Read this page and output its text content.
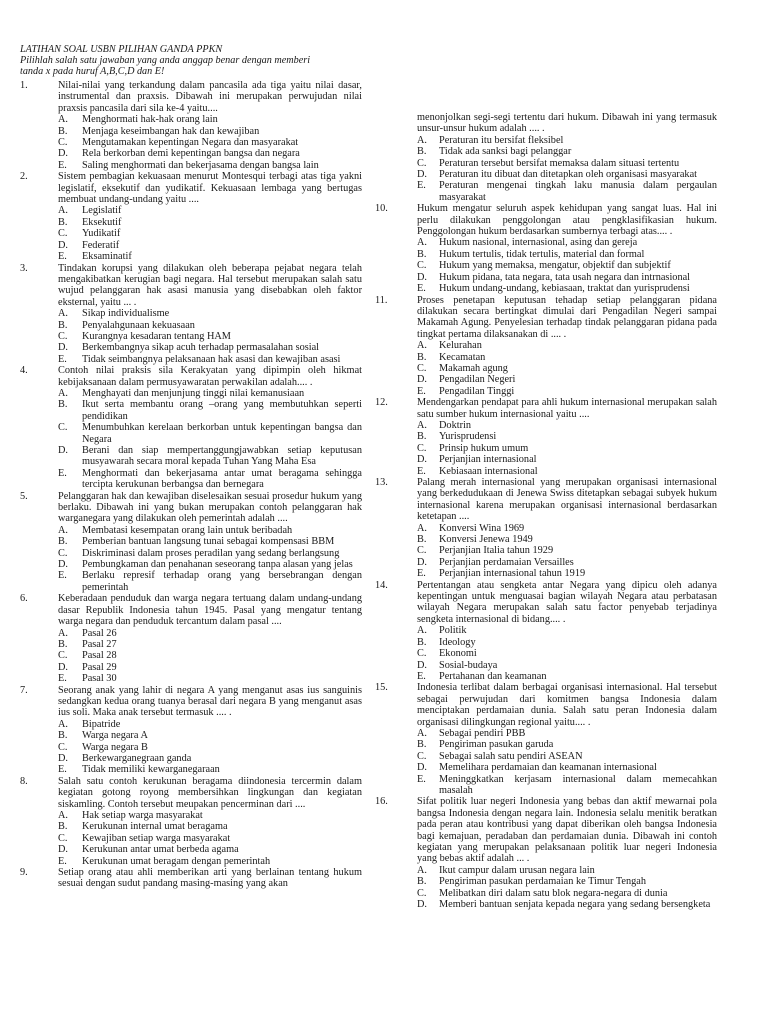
LATIHAN SOAL USBN PILIHAN GANDA PPKN
Pilihlah salah satu jawaban yang anda anggap benar dengan memberi
tanda x pada huruf A,B,C,D dan E!
1.	Nilai-nilai yang terkandung dalam pancasila ada tiga yaitu nilai dasar, instrumental dan praxsis. Dibawah ini merupakan perwujudan nilai praxsis pancasila dari sila ke-4 yaitu....
A. Menghormati hak-hak orang lain
B. Menjaga keseimbangan hak dan kewajiban
C. Mengutamakan kepentingan Negara dan masyarakat
D. Rela berkorban demi kepentingan bangsa dan negara
E. Saling menghormati dan bekerjasama dengan bangsa lain
2.	Sistem pembagian kekuasaan menurut Montesqui terbagi atas tiga yakni legislatif, eksekutif dan yudikatif. Kekuasaan lembaga yang bertugas membuat undang-undang yaitu ....
A. Legislatif
B. Eksekutif
C. Yudikatif
D. Federatif
E. Eksaminatif
3.	Tindakan korupsi yang dilakukan oleh beberapa pejabat negara telah mengakibatkan kerugian bagi negara. Hal tersebut merupakan salah satu wujud pelanggaran hak asasi manusia yang disebabkan oleh faktor eksternal, yaitu ... .
A. Sikap individualisme
B. Penyalahgunaan kekuasaan
C. Kurangnya kesadaran tentang HAM
D. Berkembangnya sikap acuh terhadap permasalahan sosial
E. Tidak seimbangnya pelaksanaan hak asasi dan kewajiban asasi
4.	Contoh nilai praksis sila Kerakyatan yang dipimpin oleh hikmat kebijaksanaan dalam permusyawaratan perwakilan adalah.... .
A. Menghayati dan menjunjung tinggi nilai kemanusiaan
B. Ikut serta membantu orang –orang yang membutuhkan seperti pendidikan
C. Menumbuhkan kerelaan berkorban untuk kepentingan bangsa dan Negara
D. Berani dan siap mempertanggungjawabkan setiap keputusan musyawarah secara moral kepada Tuhan Yang Maha Esa
E. Menghormati dan bekerjasama antar umat beragama sehingga tercipta kerukunan berbangsa dan bernegara
5.	Pelanggaran hak dan kewajiban diselesaikan sesuai prosedur hukum yang berlaku. Dibawah ini yang bukan merupakan contoh pelanggaran hak warganegara yang dilakukan oleh pemerintah adalah ....
A. Membatasi kesempatan orang lain untuk beribadah
B. Pemberian bantuan langsung tunai sebagai kompensasi BBM
C. Diskriminasi dalam proses peradilan yang sedang berlangsung
D. Pembungkaman dan penahanan seseorang tanpa alasan yang jelas
E. Berlaku represif terhadap orang yang bersebrangan dengan pemerintah
6.	Keberadaan penduduk dan warga negara tertuang dalam undang-undang dasar Republik Indonesia tahun 1945. Pasal yang mengatur tentang warga negara dan penduduk tercantum dalam pasal ....
A. Pasal 26
B. Pasal 27
C. Pasal 28
D. Pasal 29
E. Pasal 30
7.	Seorang anak yang lahir di negara A yang menganut asas ius sanguinis sedangkan kedua orang tuanya berasal dari negara B yang menganut asas ius soli. Maka anak tersebut termasuk .... .
A. Bipatride
B. Warga negara A
C. Warga negara B
D. Berkewarganegraan ganda
E. Tidak memiliki kewarganegaraan
8.	Salah satu contoh kerukunan beragama diindonesia tercermin dalam kegiatan gotong royong membersihkan lingkungan dan kegiatan siskamling. Contoh tersebut meupakan pencerminan dari ....
A. Hak setiap warga masyarakat
B. Kerukunan internal umat beragama
C. Kewajiban setiap warga masyarakat
D. Kerukunan antar umat berbeda agama
E. Kerukunan umat beragam dengan pemerintah
9.	Setiap orang atau ahli memberikan arti yang berlainan tentang hukum sesuai dengan sudut pandang masing-masing yang akan
menonjolkan segi-segi tertentu dari hukum. Dibawah ini yang termasuk unsur-unsur hukum adalah .... .
A. Peraturan itu bersifat fleksibel
B. Tidak ada sanksi bagi pelanggar
C. Peraturan tersebut bersifat memaksa dalam situasi tertentu
D. Peraturan itu dibuat dan ditetapkan oleh organisasi masyarakat
E. Peraturan mengenai tingkah laku manusia dalam pergaulan masyarakat
10.	Hukum mengatur seluruh aspek kehidupan yang sangat luas. Hal ini perlu dilakukan penggolongan atau pengklasifikasian hukum. Penggolongan hukum berdasarkan sumbernya terbagi atas.... .
A. Hukum nasional, internasional, asing dan gereja
B. Hukum tertulis, tidak tertulis, material dan formal
C. Hukum yang memaksa, mengatur, objektif dan subjektif
D. Hukum pidana, tata negara, tata usah negara dan intrnasional
E. Hukum undang-undang, kebiasaan, traktat dan yurisprudensi
11.	Proses penetapan keputusan tehadap setiap pelanggaran pidana dilakukan secara bertingkat dimulai dari Pengadilan Negeri sampai Makamah Agung. Penyelesian terhadap tindak pelanggaran pidana pada tingkat pertama dilaksanakan di .... .
A. Kelurahan
B. Kecamatan
C. Makamah agung
D. Pengadilan Negeri
E. Pengadilan Tinggi
12.	Mendengarkan pendapat para ahli hukum internasional merupakan salah satu sumber hukum internasional yaitu ....
A. Doktrin
B. Yurisprudensi
C. Prinsip hukum umum
D. Perjanjian internasional
E. Kebiasaan internasional
13.	Palang merah internasional yang merupakan organisasi internasional yang berkedudukaan di Jenewa Swiss ditetapkan sebagai subyek hukum internasional karena merupakan organisasi internasional berdasarkan ketetapan ....
A. Konversi Wina 1969
B. Konversi Jenewa 1949
C. Perjanjian Italia tahun 1929
D. Perjanjian perdamaian Versailles
E. Perjanjian internasional tahun 1919
14.	Pertentangan atau sengketa antar Negara yang dipicu oleh adanya kepentingan untuk menguasai bagian wilayah Negara atau perbatasan wilayah Negara merupakan salah satu factor penyebab terjadinya sengketa internasional di bidang.... .
A. Politik
B. Ideology
C. Ekonomi
D. Sosial-budaya
E. Pertahanan dan keamanan
15.	Indonesia terlibat dalam berbagai organisasi internasional. Hal tersebut sebagai perwujudan dari komitmen bangsa Indonesia dalam menciptakan perdamaian dunia. Salah satu peran Indonesia dalam organisasi dilingkungan regional yaitu.... .
A. Sebagai pendiri PBB
B. Pengiriman pasukan garuda
C. Sebagai salah satu pendiri ASEAN
D. Memelihara perdamaian dan keamanan internasional
E. Meninggkatkan kerjasam internasional dalam memecahkan masalah
16.	Sifat politik luar negeri Indonesia yang bebas dan aktif mewarnai pola bangsa Indonesia dengan negara lain. Indonesia selalu menitik beratkan pada peran atau kontribusi yang dapat diberikan oleh bangsa Indonesia bagi kemajuan, peradaban dan perdamaian dunia. Dibawah ini contoh kegiatan yang merupakan pelaksanaan politik luar negeri Indonesia yang bebas aktif adalah ... .
A. Ikut campur dalam urusan negara lain
B. Pengiriman pasukan perdamaian ke Timur Tengah
C. Melibatkan diri dalam satu blok negara-negara di dunia
D. Memberi bantuan senjata kepada negara yang sedang bersengketa
